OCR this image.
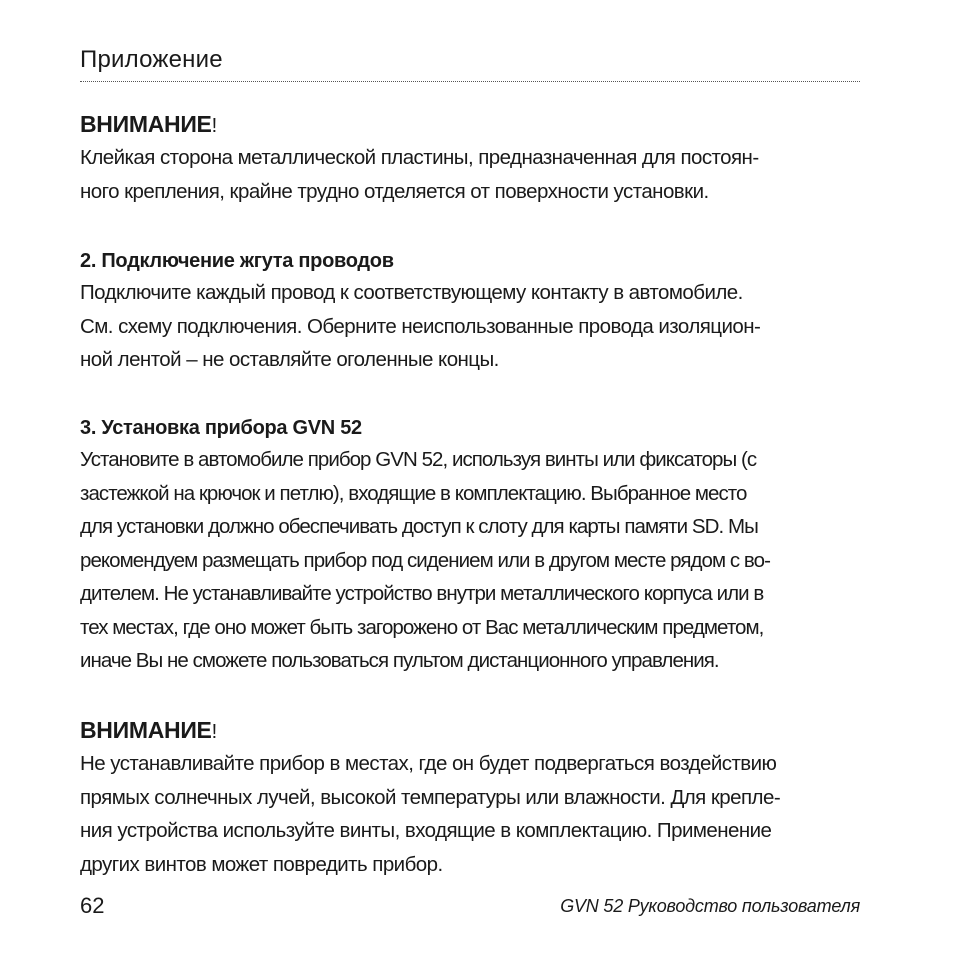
Приложение
ВНИМАНИЕ!

Клейкая сторона металлической пластины, предназначенная для постоян-
ного крепления, крайне трудно отделяется от поверхности установки.

2. Подключение жгута проводов

Подключите каждый провод к соответствующему контакту в автомобиле.
См. схему подключения. Оберните неиспользованные провода изоляцион-
ной лентой – не оставляйте оголенные концы.

3. Установка прибора GVN 52

Установите в автомобиле прибор GVN 52, используя винты или фиксаторы (с
застежкой на крючок и петлю), входящие в комплектацию. Выбранное место
для установки должно обеспечивать доступ к слоту для карты памяти SD. Мы
рекомендуем размещать прибор под сидением или в другом месте рядом с во-
дителем. Не устанавливайте устройство внутри металлического корпуса или в
тех местах, где оно может быть загорожено от Вас металлическим предметом,
иначе Вы не сможете пользоваться пультом дистанционного управления.

ВНИМАНИЕ!

Не устанавливайте прибор в местах, где он будет подвергаться воздействию
прямых солнечных лучей, высокой температуры или влажности. Для крепле-
ния устройства используйте винты, входящие в комплектацию. Применение
других винтов может повредить прибор.

62	GVN 52 Руководство пользователя
